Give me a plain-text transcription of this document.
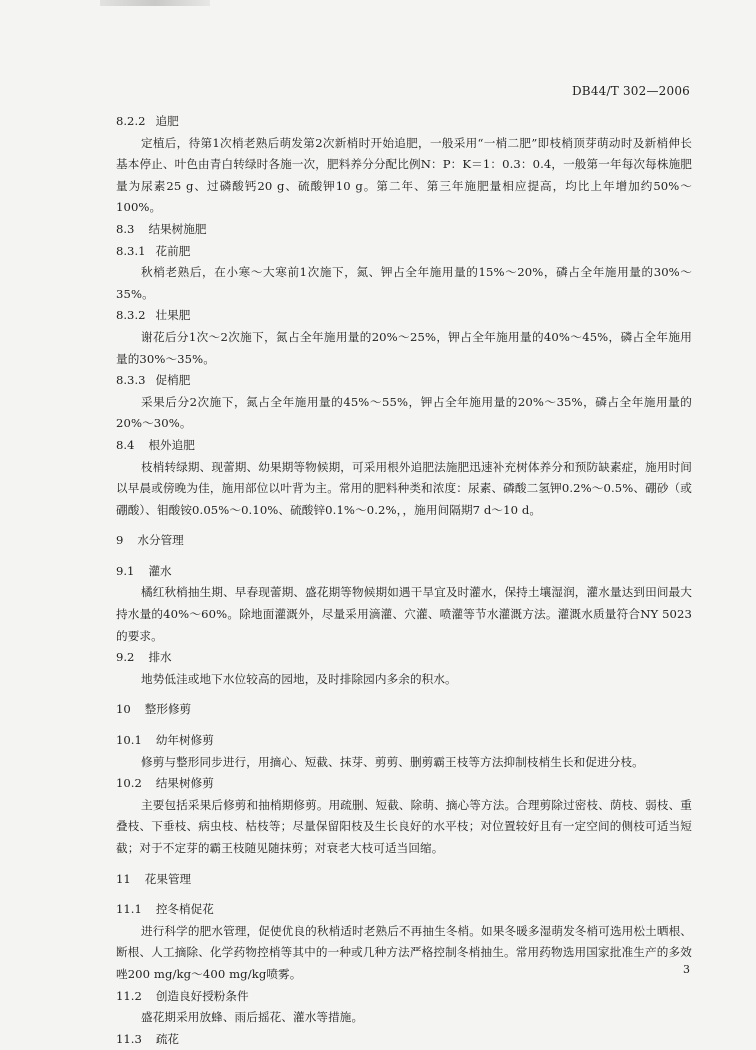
DB44/T 302—2006
8.2.2 追肥

定植后，待第1次梢老熟后萌发第2次新梢时开始追肥，一般采用“一梢二肥”即枝梢顶芽萌动时及新梢伸长基本停止、叶色由青白转绿时各施一次，肥料养分分配比例N：P：K＝1：0.3：0.4，一般第一年每次每株施肥量为尿素25 g、过磷酸钙20 g、硫酸钾10 g。第二年、第三年施肥量相应提高，均比上年增加约50%～100%。

8.3 结果树施肥
8.3.1 花前肥

秋梢老熟后，在小寒～大寒前1次施下，氮、钾占全年施用量的15%～20%，磷占全年施用量的30%～35%。

8.3.2 壮果肥

谢花后分1次～2次施下，氮占全年施用量的20%～25%，钾占全年施用量的40%～45%，磷占全年施用量的30%～35%。

8.3.3 促梢肥

采果后分2次施下，氮占全年施用量的45%～55%，钾占全年施用量的20%～35%，磷占全年施用量的20%～30%。

8.4 根外追肥

枝梢转绿期、现蕾期、幼果期等物候期，可采用根外追肥法施肥迅速补充树体养分和预防缺素症，施用时间以早晨或傍晚为佳，施用部位以叶背为主。常用的肥料种类和浓度：尿素、磷酸二氢钾0.2%～0.5%、硼砂（或硼酸）、钼酸铵0.05%～0.10%、硫酸锌0.1%～0.2%，，施用间隔期7 d～10 d。

9 水分管理
9.1 灌水

橘红秋梢抽生期、早春现蕾期、盛花期等物候期如遇干旱宜及时灌水，保持土壤湿润，灌水量达到田间最大持水量的40%～60%。除地面灌溉外，尽量采用滴灌、穴灌、喷灌等节水灌溉方法。灌溉水质量符合NY 5023的要求。

9.2 排水

地势低洼或地下水位较高的园地，及时排除园内多余的积水。

10 整形修剪
10.1 幼年树修剪

修剪与整形同步进行，用摘心、短截、抹芽、剪剪、删剪霸王枝等方法抑制枝梢生长和促进分枝。

10.2 结果树修剪

主要包括采果后修剪和抽梢期修剪。用疏删、短截、除萌、摘心等方法。合理剪除过密枝、荫枝、弱枝、重叠枝、下垂枝、病虫枝、枯枝等；尽量保留阳枝及生长良好的水平枝；对位置较好且有一定空间的侧枝可适当短截；对于不定芽的霸王枝随见随抹剪；对衰老大枝可适当回缩。

11 花果管理
11.1 控冬梢促花

进行科学的肥水管理，促使优良的秋梢适时老熟后不再抽生冬梢。如果冬暖多湿萌发冬梢可选用松土晒根、断根、人工摘除、化学药物控梢等其中的一种或几种方法严格控制冬梢抽生。常用药物选用国家批准生产的多效唑200 mg/kg～400 mg/kg喷雾。

11.2 创造良好授粉条件

盛花期采用放蜂、雨后摇花、灌水等措施。

11.3 疏花
3
